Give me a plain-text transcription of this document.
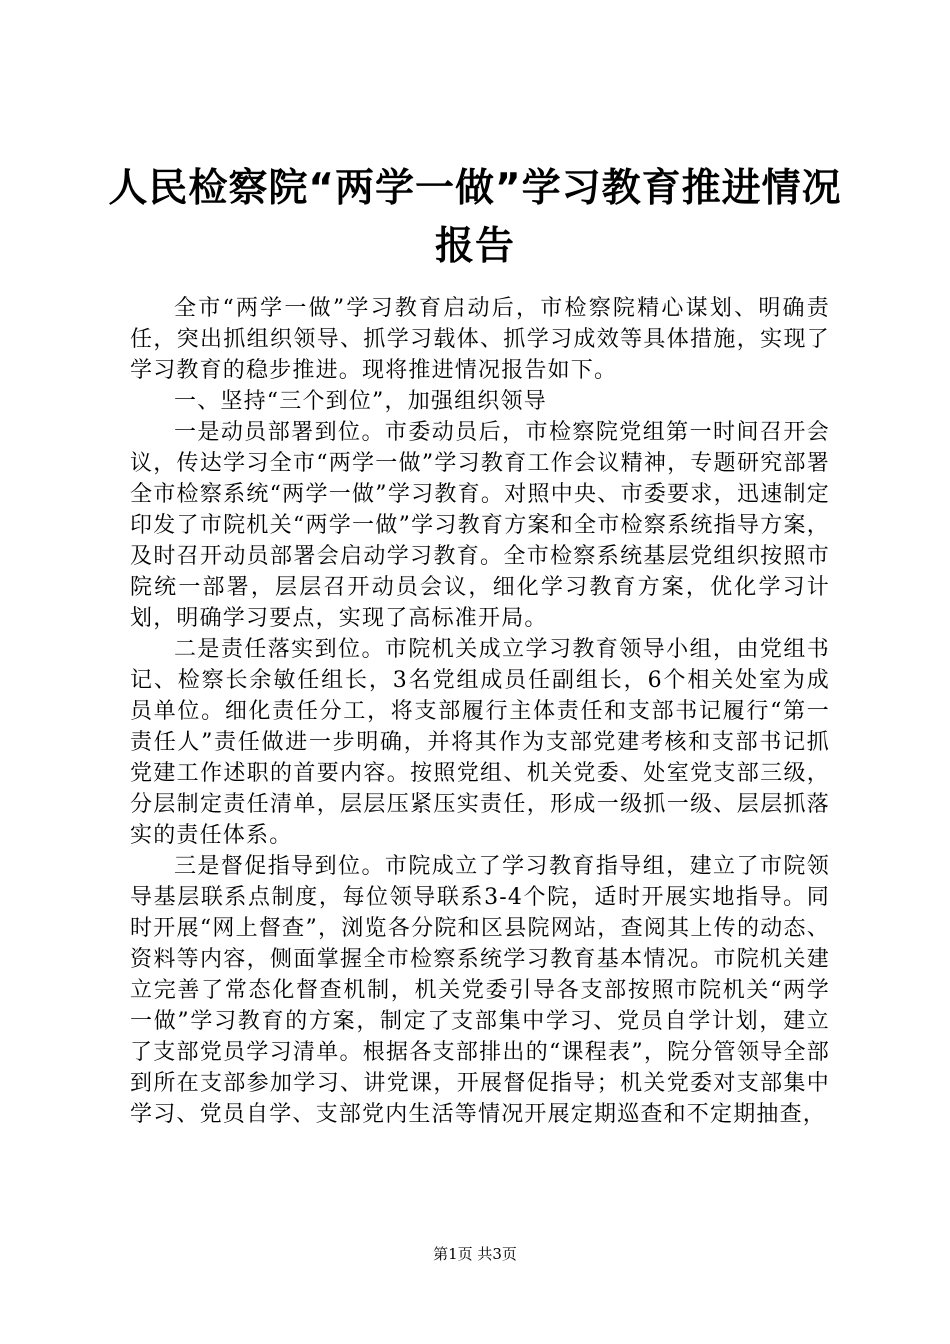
人民检察院“两学一做”学习教育推进情况报告

全市“两学一做”学习教育启动后，市检察院精心谋划、明确责任，突出抓组织领导、抓学习载体、抓学习成效等具体措施，实现了学习教育的稳步推进。现将推进情况报告如下。

一、坚持“三个到位”，加强组织领导

一是动员部署到位。市委动员后，市检察院党组第一时间召开会议，传达学习全市“两学一做”学习教育工作会议精神，专题研究部署全市检察系统“两学一做”学习教育。对照中央、市委要求，迅速制定印发了市院机关“两学一做”学习教育方案和全市检察系统指导方案，及时召开动员部署会启动学习教育。全市检察系统基层党组织按照市院统一部署，层层召开动员会议，细化学习教育方案，优化学习计划，明确学习要点，实现了高标准开局。

二是责任落实到位。市院机关成立学习教育领导小组，由党组书记、检察长余敏任组长，3名党组成员任副组长，6个相关处室为成员单位。细化责任分工，将支部履行主体责任和支部书记履行“第一责任人”责任做进一步明确，并将其作为支部党建考核和支部书记抓党建工作述职的首要内容。按照党组、机关党委、处室党支部三级，分层制定责任清单，层层压紧压实责任，形成一级抓一级、层层抓落实的责任体系。

三是督促指导到位。市院成立了学习教育指导组，建立了市院领导基层联系点制度，每位领导联系3-4个院，适时开展实地指导。同时开展“网上督查”，浏览各分院和区县院网站，查阅其上传的动态、资料等内容，侧面掌握全市检察系统学习教育基本情况。市院机关建立完善了常态化督查机制，机关党委引导各支部按照市院机关“两学一做”学习教育的方案，制定了支部集中学习、党员自学计划，建立了支部党员学习清单。根据各支部排出的“课程表”，院分管领导全部到所在支部参加学习、讲党课，开展督促指导；机关党委对支部集中学习、党员自学、支部党内生活等情况开展定期巡查和不定期抽查，

第1页 共3页
